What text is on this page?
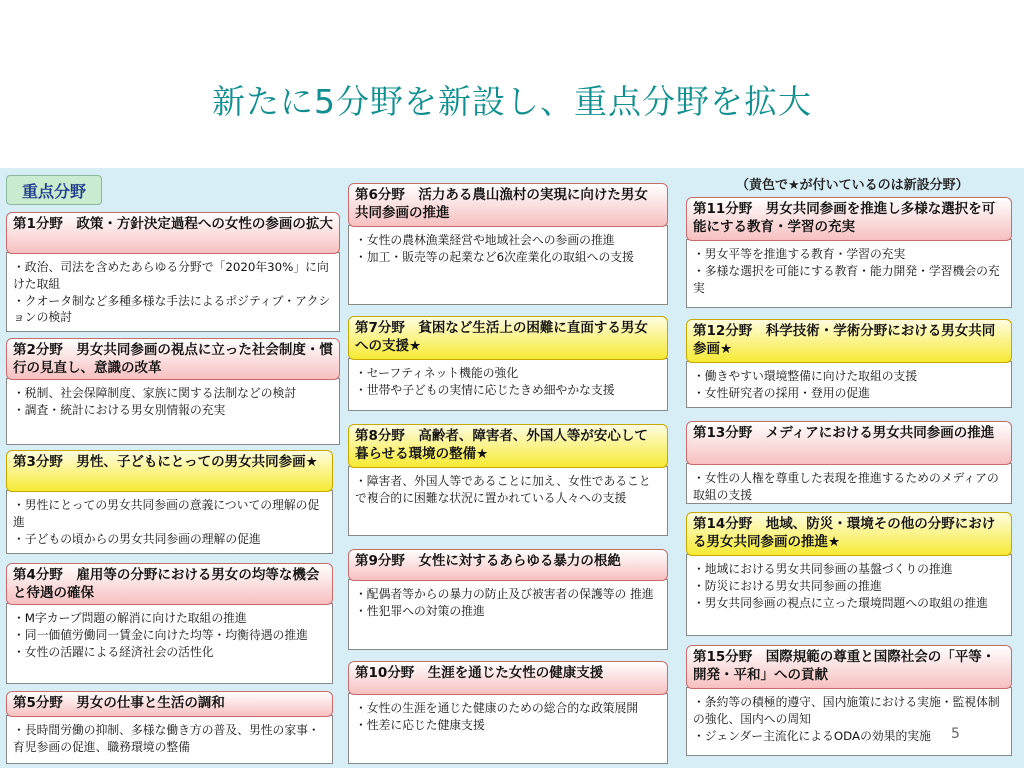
新たに5分野を新設し、重点分野を拡大
重点分野	（黄色で★が付いているのは新設分野）
第1分野　政策・方針決定過程への女性の参画の拡大
・政治、司法を含めたあらゆる分野で「2020年30%」に向けた取組
・クオータ制など多種多様な手法によるポジティブ・アクションの検討
第2分野　男女共同参画の視点に立った社会制度・慣行の見直し、意識の改革
・税制、社会保障制度、家族に関する法制などの検討
・調査・統計における男女別情報の充実
第3分野　男性、子どもにとっての男女共同参画★
・男性にとっての男女共同参画の意義についての理解の促進
・子どもの頃からの男女共同参画の理解の促進
第4分野　雇用等の分野における男女の均等な機会と待遇の確保
・M字カーブ問題の解消に向けた取組の推進
・同一価値労働同一賃金に向けた均等・均衡待遇の推進
・女性の活躍による経済社会の活性化
第5分野　男女の仕事と生活の調和
・長時間労働の抑制、多様な働き方の普及、男性の家事・育児参画の促進、職務環境の整備
第6分野　活力ある農山漁村の実現に向けた男女共同参画の推進
・女性の農林漁業経営や地域社会への参画の推進
・加工・販売等の起業など6次産業化の取組への支援
第7分野　貧困など生活上の困難に直面する男女への支援★
・セーフティネット機能の強化
・世帯や子どもの実情に応じたきめ細やかな支援
第8分野　高齢者、障害者、外国人等が安心して暮らせる環境の整備★
・障害者、外国人等であることに加え、女性であることで複合的に困難な状況に置かれている人々への支援
第9分野　女性に対するあらゆる暴力の根絶
・配偶者等からの暴力の防止及び被害者の保護等の 推進
・性犯罪への対策の推進
第10分野　生涯を通じた女性の健康支援
・女性の生涯を通じた健康のための総合的な政策展開
・性差に応じた健康支援
第11分野　男女共同参画を推進し多様な選択を可能にする教育・学習の充実
・男女平等を推進する教育・学習の充実
・多様な選択を可能にする教育・能力開発・学習機会の充実
第12分野　科学技術・学術分野における男女共同参画★
・働きやすい環境整備に向けた取組の支援
・女性研究者の採用・登用の促進
第13分野　メディアにおける男女共同参画の推進
・女性の人権を尊重した表現を推進するためのメディアの取組の支援
第14分野　地域、防災・環境その他の分野における男女共同参画の推進★
・地域における男女共同参画の基盤づくりの推進
・防災における男女共同参画の推進
・男女共同参画の視点に立った環境問題への取組の推進
第15分野　国際規範の尊重と国際社会の「平等・開発・平和」への貢献
・条約等の積極的遵守、国内施策における実施・監視体制の強化、国内への周知
・ジェンダー主流化によるODAの効果的実施	5
